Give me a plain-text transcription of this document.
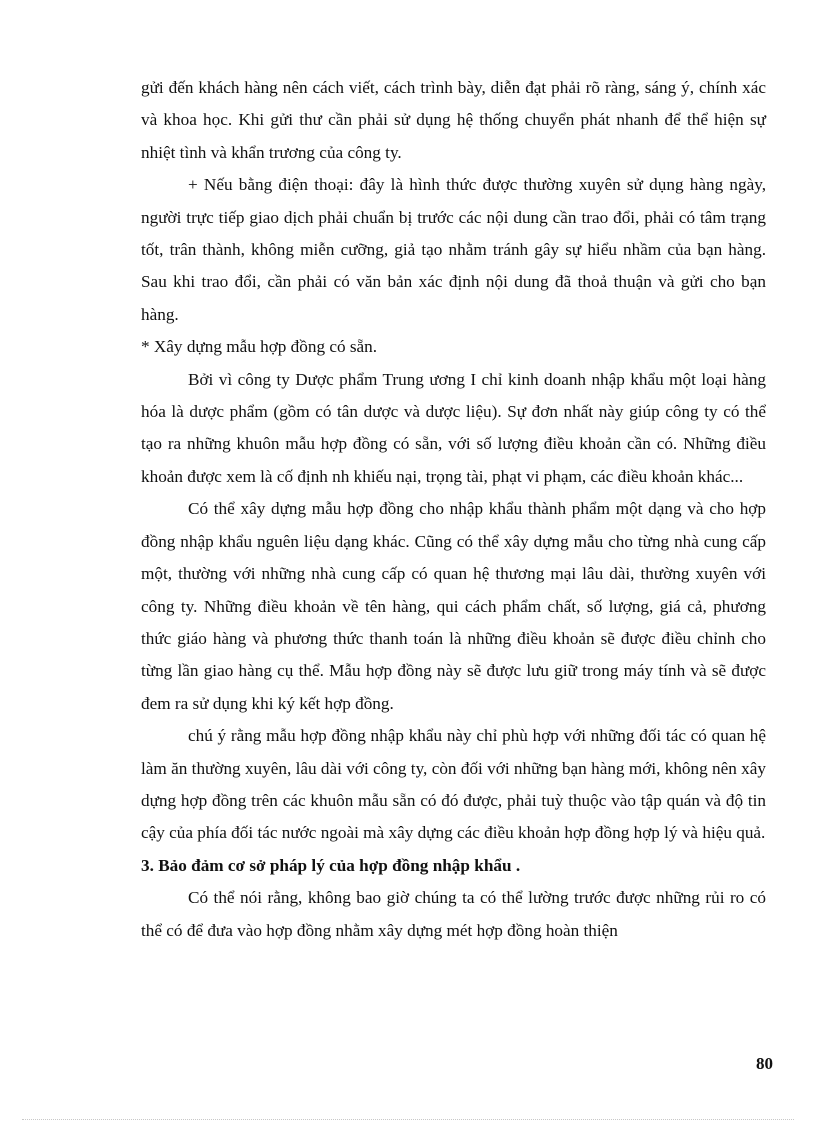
gửi đến khách hàng nên cách viết, cách trình bày, diễn đạt phải rõ ràng, sáng ý, chính xác và khoa học. Khi gửi thư cần phải sử dụng hệ thống chuyển phát nhanh để thể hiện sự nhiệt tình và khẩn trương của công ty.

+ Nếu bằng điện thoại: đây là hình thức được thường xuyên sử dụng hàng ngày, người trực tiếp giao dịch phải chuẩn bị trước các nội dung cần trao đổi, phải có tâm trạng tốt, trân thành, không miễn cưỡng, giả tạo nhằm tránh gây sự hiểu nhầm của bạn hàng. Sau khi trao đổi, cần phải có văn bản xác định nội dung đã thoả thuận và gửi cho bạn hàng.

* Xây dựng mẫu hợp đồng có sẵn.

Bởi vì công ty Dược phẩm Trung ương I chỉ kinh doanh nhập khẩu một loại hàng hóa là dược phẩm (gồm có tân dược và dược liệu). Sự đơn nhất này giúp công ty có thể tạo ra những khuôn mẫu hợp đồng có sẵn, với số lượng điều khoản cần có. Những điều khoản được xem là cố định nh khiếu nại, trọng tài, phạt vi phạm, các điều khoản khác...

Có thể xây dựng mẫu hợp đồng cho nhập khẩu thành phẩm một dạng và cho hợp đồng nhập khẩu nguên liệu dạng khác. Cũng có thể xây dựng mẫu cho từng nhà cung cấp một, thường với những nhà cung cấp có quan hệ thương mại lâu dài, thường xuyên với công ty. Những điều khoản về tên hàng, qui cách phẩm chất, số lượng, giá cả, phương thức giáo hàng và phương thức thanh toán là những điều khoản sẽ được điều chỉnh cho từng lần giao hàng cụ thể. Mẫu hợp đồng này sẽ được lưu giữ trong máy tính và sẽ được đem ra sử dụng khi ký kết hợp đồng.

chú ý rằng mẫu hợp đồng nhập khẩu này chỉ phù hợp với những đối tác có quan hệ làm ăn thường xuyên, lâu dài với công ty, còn đối với những bạn hàng mới, không nên xây dựng hợp đồng trên các khuôn mẫu sẵn có đó được, phải tuỳ thuộc vào tập quán và độ tin cậy của phía đối tác nước ngoài mà xây dựng các điều khoản hợp đồng hợp lý và hiệu quả.

3. Bảo đảm cơ sở pháp lý của hợp đồng nhập khẩu .

Có thể nói rằng, không bao giờ chúng ta có thể lường trước được những rủi ro có thể có để đưa vào hợp đồng nhằm xây dựng mét hợp đồng hoàn thiện

80
